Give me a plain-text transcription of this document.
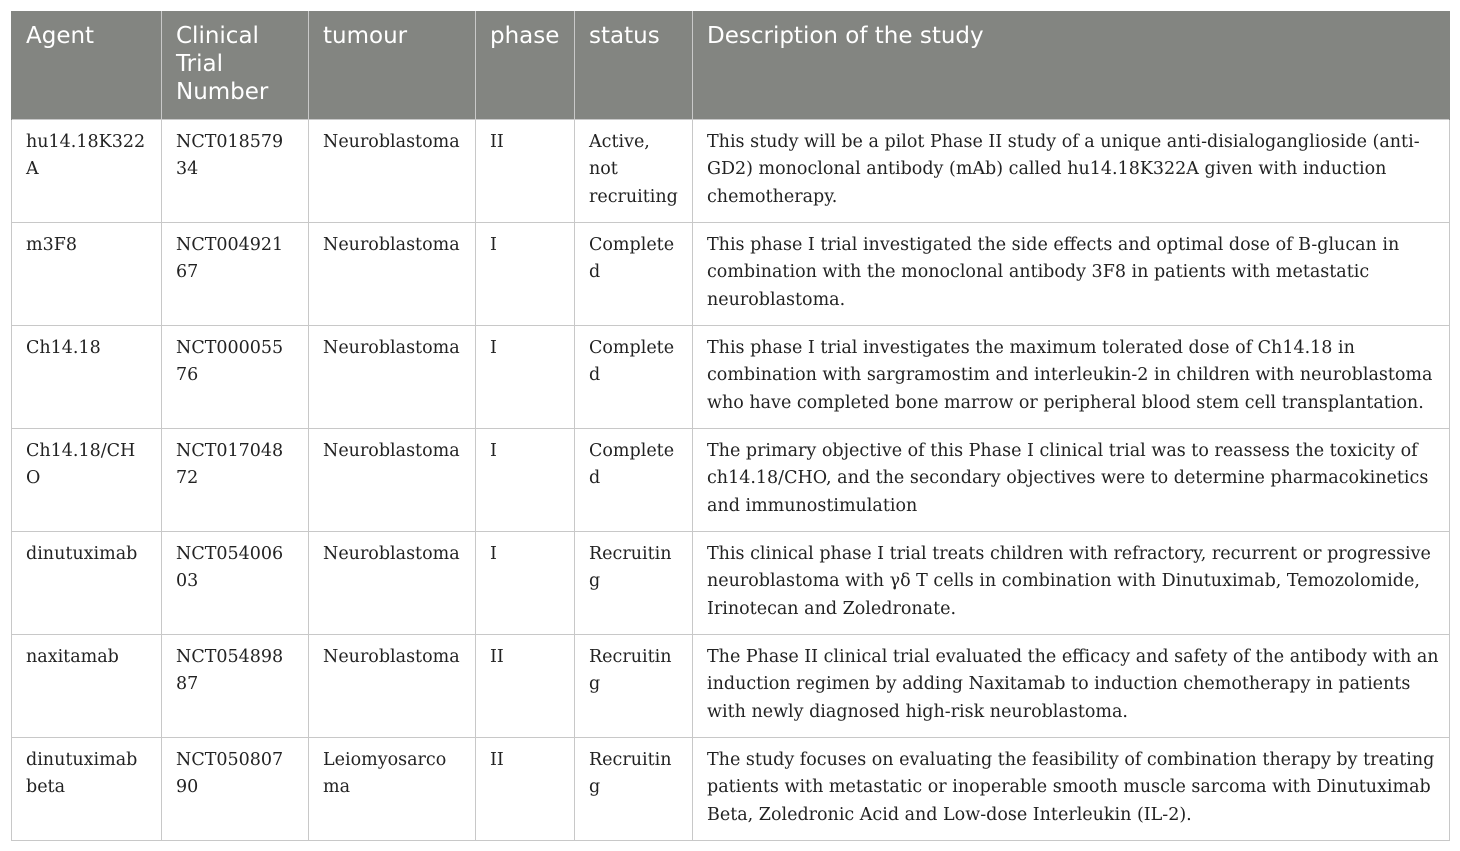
Agent	Clinical Trial Number	tumour	phase	status	Description of the study
hu14.18K322A	NCT01857934	Neuroblastoma	II	Active, not recruiting	This study will be a pilot Phase II study of a unique anti-disialoganglioside (anti-GD2) monoclonal antibody (mAb) called hu14.18K322A given with induction chemotherapy.
m3F8	NCT00492167	Neuroblastoma	I	Completed	This phase I trial investigated the side effects and optimal dose of B-glucan in combination with the monoclonal antibody 3F8 in patients with metastatic neuroblastoma.
Ch14.18	NCT00005576	Neuroblastoma	I	Completed	This phase I trial investigates the maximum tolerated dose of Ch14.18 in combination with sargramostim and interleukin-2 in children with neuroblastoma who have completed bone marrow or peripheral blood stem cell transplantation.
Ch14.18/CHO	NCT01704872	Neuroblastoma	I	Completed	The primary objective of this Phase I clinical trial was to reassess the toxicity of ch14.18/CHO, and the secondary objectives were to determine pharmacokinetics and immunostimulation
dinutuximab	NCT05400603	Neuroblastoma	I	Recruiting	This clinical phase I trial treats children with refractory, recurrent or progressive neuroblastoma with γδ T cells in combination with Dinutuximab, Temozolomide, Irinotecan and Zoledronate.
naxitamab	NCT05489887	Neuroblastoma	II	Recruiting	The Phase II clinical trial evaluated the efficacy and safety of the antibody with an induction regimen by adding Naxitamab to induction chemotherapy in patients with newly diagnosed high-risk neuroblastoma.
dinutuximab beta	NCT05080790	Leiomyosarcoma	II	Recruiting	The study focuses on evaluating the feasibility of combination therapy by treating patients with metastatic or inoperable smooth muscle sarcoma with Dinutuximab Beta, Zoledronic Acid and Low-dose Interleukin (IL-2).
